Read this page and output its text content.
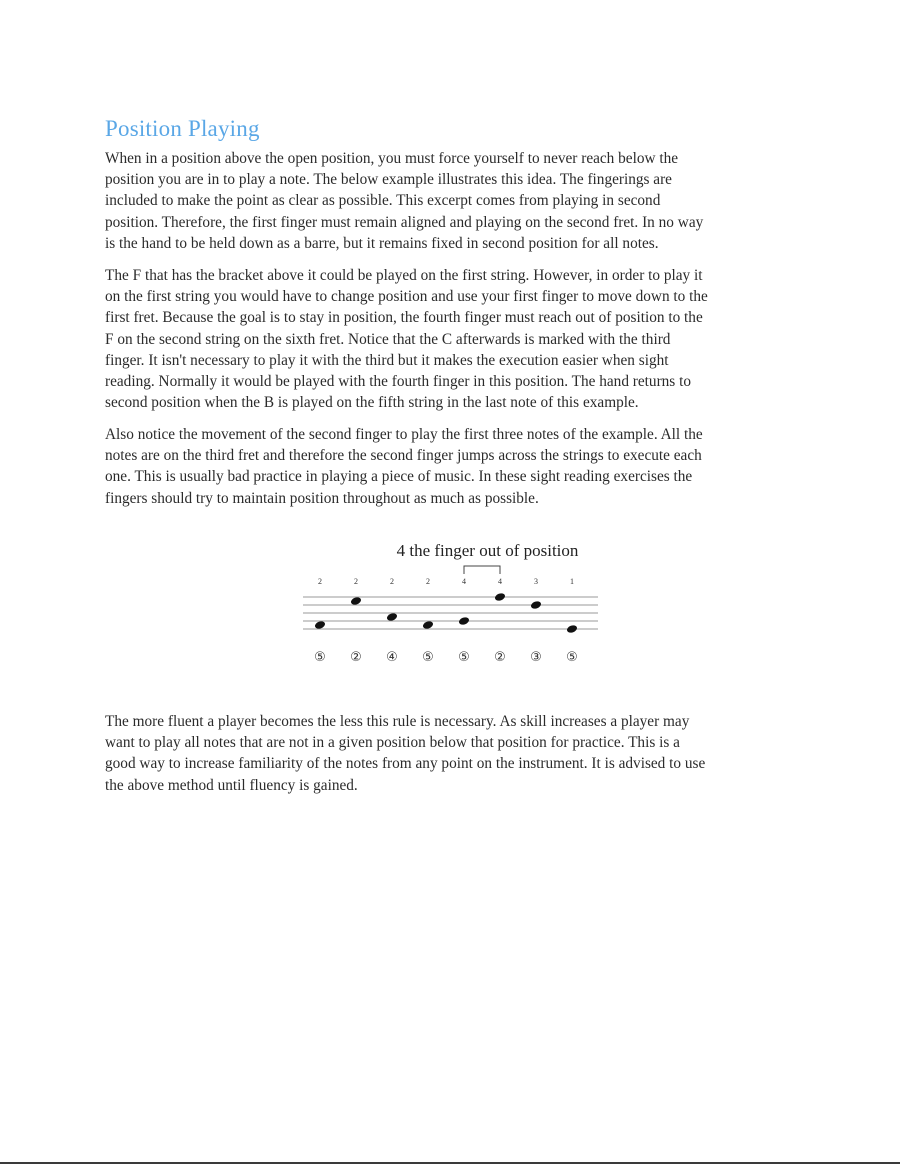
Position Playing
When in a position above the open position, you must force yourself to never reach below the
position you are in to play a note. The below example illustrates this idea. The fingerings are
included to make the point as clear as possible. This excerpt comes from playing in second
position. Therefore, the first finger must remain aligned and playing on the second fret. In no way
is the hand to be held down as a barre, but it remains fixed in second position for all notes.
The F that has the bracket above it could be played on the first string. However, in order to play it
on the first string you would have to change position and use your first finger to move down to the
first fret. Because the goal is to stay in position, the fourth finger must reach out of position to the
F on the second string on the sixth fret. Notice that the C afterwards is marked with the third
finger. It isn't necessary to play it with the third but it makes the execution easier when sight
reading. Normally it would be played with the fourth finger in this position. The hand returns to
second position when the B is played on the fifth string in the last note of this example.
Also notice the movement of the second finger to play the first three notes of the example. All the
notes are on the third fret and therefore the second finger jumps across the strings to execute each
one. This is usually bad practice in playing a piece of music. In these sight reading exercises the
fingers should try to maintain position throughout as much as possible.
4 the finger out of position
2
⑤
2
②
2
④
2
⑤
4
⑤
4
②
3
③
1
⑤
The more fluent a player becomes the less this rule is necessary. As skill increases a player may
want to play all notes that are not in a given position below that position for practice. This is a
good way to increase familiarity of the notes from any point on the instrument. It is advised to use
the above method until fluency is gained.
